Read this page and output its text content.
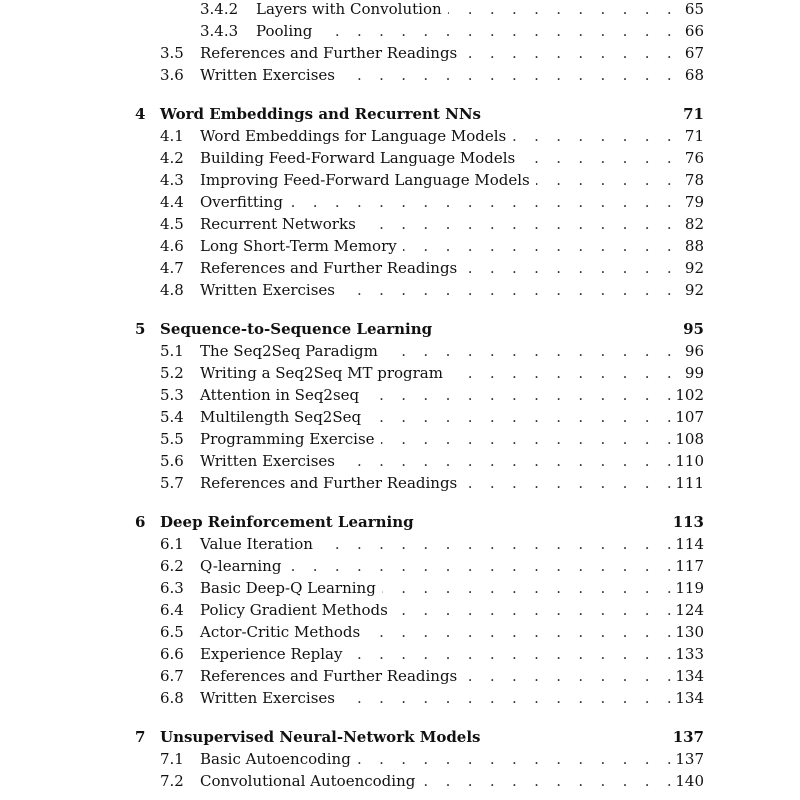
3.4.2 . . . Layers with Convolution	65
3.4.3 . . . Pooling	66
3.5 . . . References and Further Readings	67
3.6 . . . Written Exercises	68
4 Word Embeddings and Recurrent NNs	71
4.1 . . . Word Embeddings for Language Models	71
4.2 . . . Building Feed-Forward Language Models	76
4.3 . . . Improving Feed-Forward Language Models	78
4.4 . . . Overfitting	79
4.5 . . . Recurrent Networks	82
4.6 . . . Long Short-Term Memory	88
4.7 . . . References and Further Readings	92
4.8 . . . Written Exercises	92
5 Sequence-to-Sequence Learning	95
5.1 . . . The Seq2Seq Paradigm	96
5.2 . . . Writing a Seq2Seq MT program	99
5.3 . . . Attention in Seq2seq	102
5.4 . . . Multilength Seq2Seq	107
5.5 . . . Programming Exercise	108
5.6 . . . Written Exercises	110
5.7 . . . References and Further Readings	111
6 Deep Reinforcement Learning	113
6.1 . . . Value Iteration	114
6.2 . . . Q-learning	117
6.3 . . . Basic Deep-Q Learning	119
6.4 . . . Policy Gradient Methods	124
6.5 . . . Actor-Critic Methods	130
6.6 . . . Experience Replay	133
6.7 . . . References and Further Readings	134
6.8 . . . Written Exercises	134
7 Unsupervised Neural-Network Models	137
7.1 . . . Basic Autoencoding	137
7.2 . . . Convolutional Autoencoding	140
